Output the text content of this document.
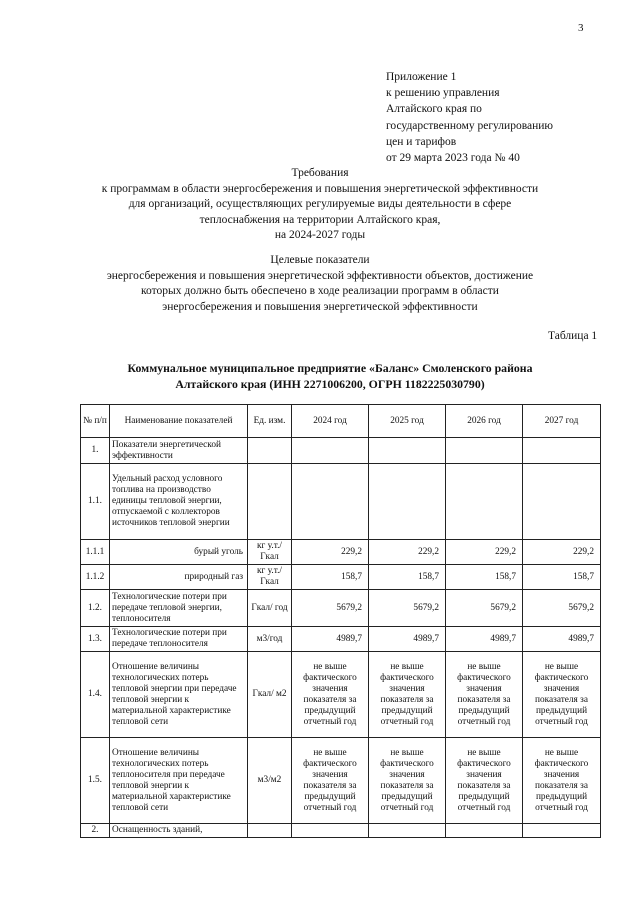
3
Приложение 1
к решению управления
Алтайского края по
государственному регулированию
цен и тарифов
от 29 марта 2023 года № 40
Требования
к программам в области энергосбережения и повышения энергетической эффективности
для организаций, осуществляющих регулируемые виды деятельности в сфере
теплоснабжения на территории Алтайского края,
на 2024-2027 годы
Целевые показатели
энергосбережения и повышения энергетической эффективности объектов, достижение
которых должно быть обеспечено в ходе реализации программ в области
энергосбережения и повышения энергетической эффективности
Таблица 1
Коммунальное муниципальное предприятие «Баланс» Смоленского района
Алтайского края (ИНН 2271006200, ОГРН 1182225030790)
№ п/п	Наименование показателей	Ед. изм.	2024 год	2025 год	2026 год	2027 год
1.	Показатели энергетической эффективности					
1.1.	Удельный расход условного топлива на производство единицы тепловой энергии, отпускаемой с коллекторов источников тепловой энергии					
1.1.1	бурый уголь	кг у.т./ Гкал	229,2	229,2	229,2	229,2
1.1.2	природный газ	кг у.т./ Гкал	158,7	158,7	158,7	158,7
1.2.	Технологические потери при передаче тепловой энергии, теплоносителя	Гкал/ год	5679,2	5679,2	5679,2	5679,2
1.3.	Технологические потери при передаче теплоносителя	м3/год	4989,7	4989,7	4989,7	4989,7
1.4.	Отношение величины технологических потерь тепловой энергии при передаче тепловой энергии к материальной характеристике тепловой сети	Гкал/ м2	не выше фактического значения показателя за предыдущий отчетный год	не выше фактического значения показателя за предыдущий отчетный год	не выше фактического значения показателя за предыдущий отчетный год	не выше фактического значения показателя за предыдущий отчетный год
1.5.	Отношение величины технологических потерь теплоносителя при передаче тепловой энергии к материальной характеристике тепловой сети	м3/м2	не выше фактического значения показателя за предыдущий отчетный год	не выше фактического значения показателя за предыдущий отчетный год	не выше фактического значения показателя за предыдущий отчетный год	не выше фактического значения показателя за предыдущий отчетный год
2.	Оснащенность зданий,					
